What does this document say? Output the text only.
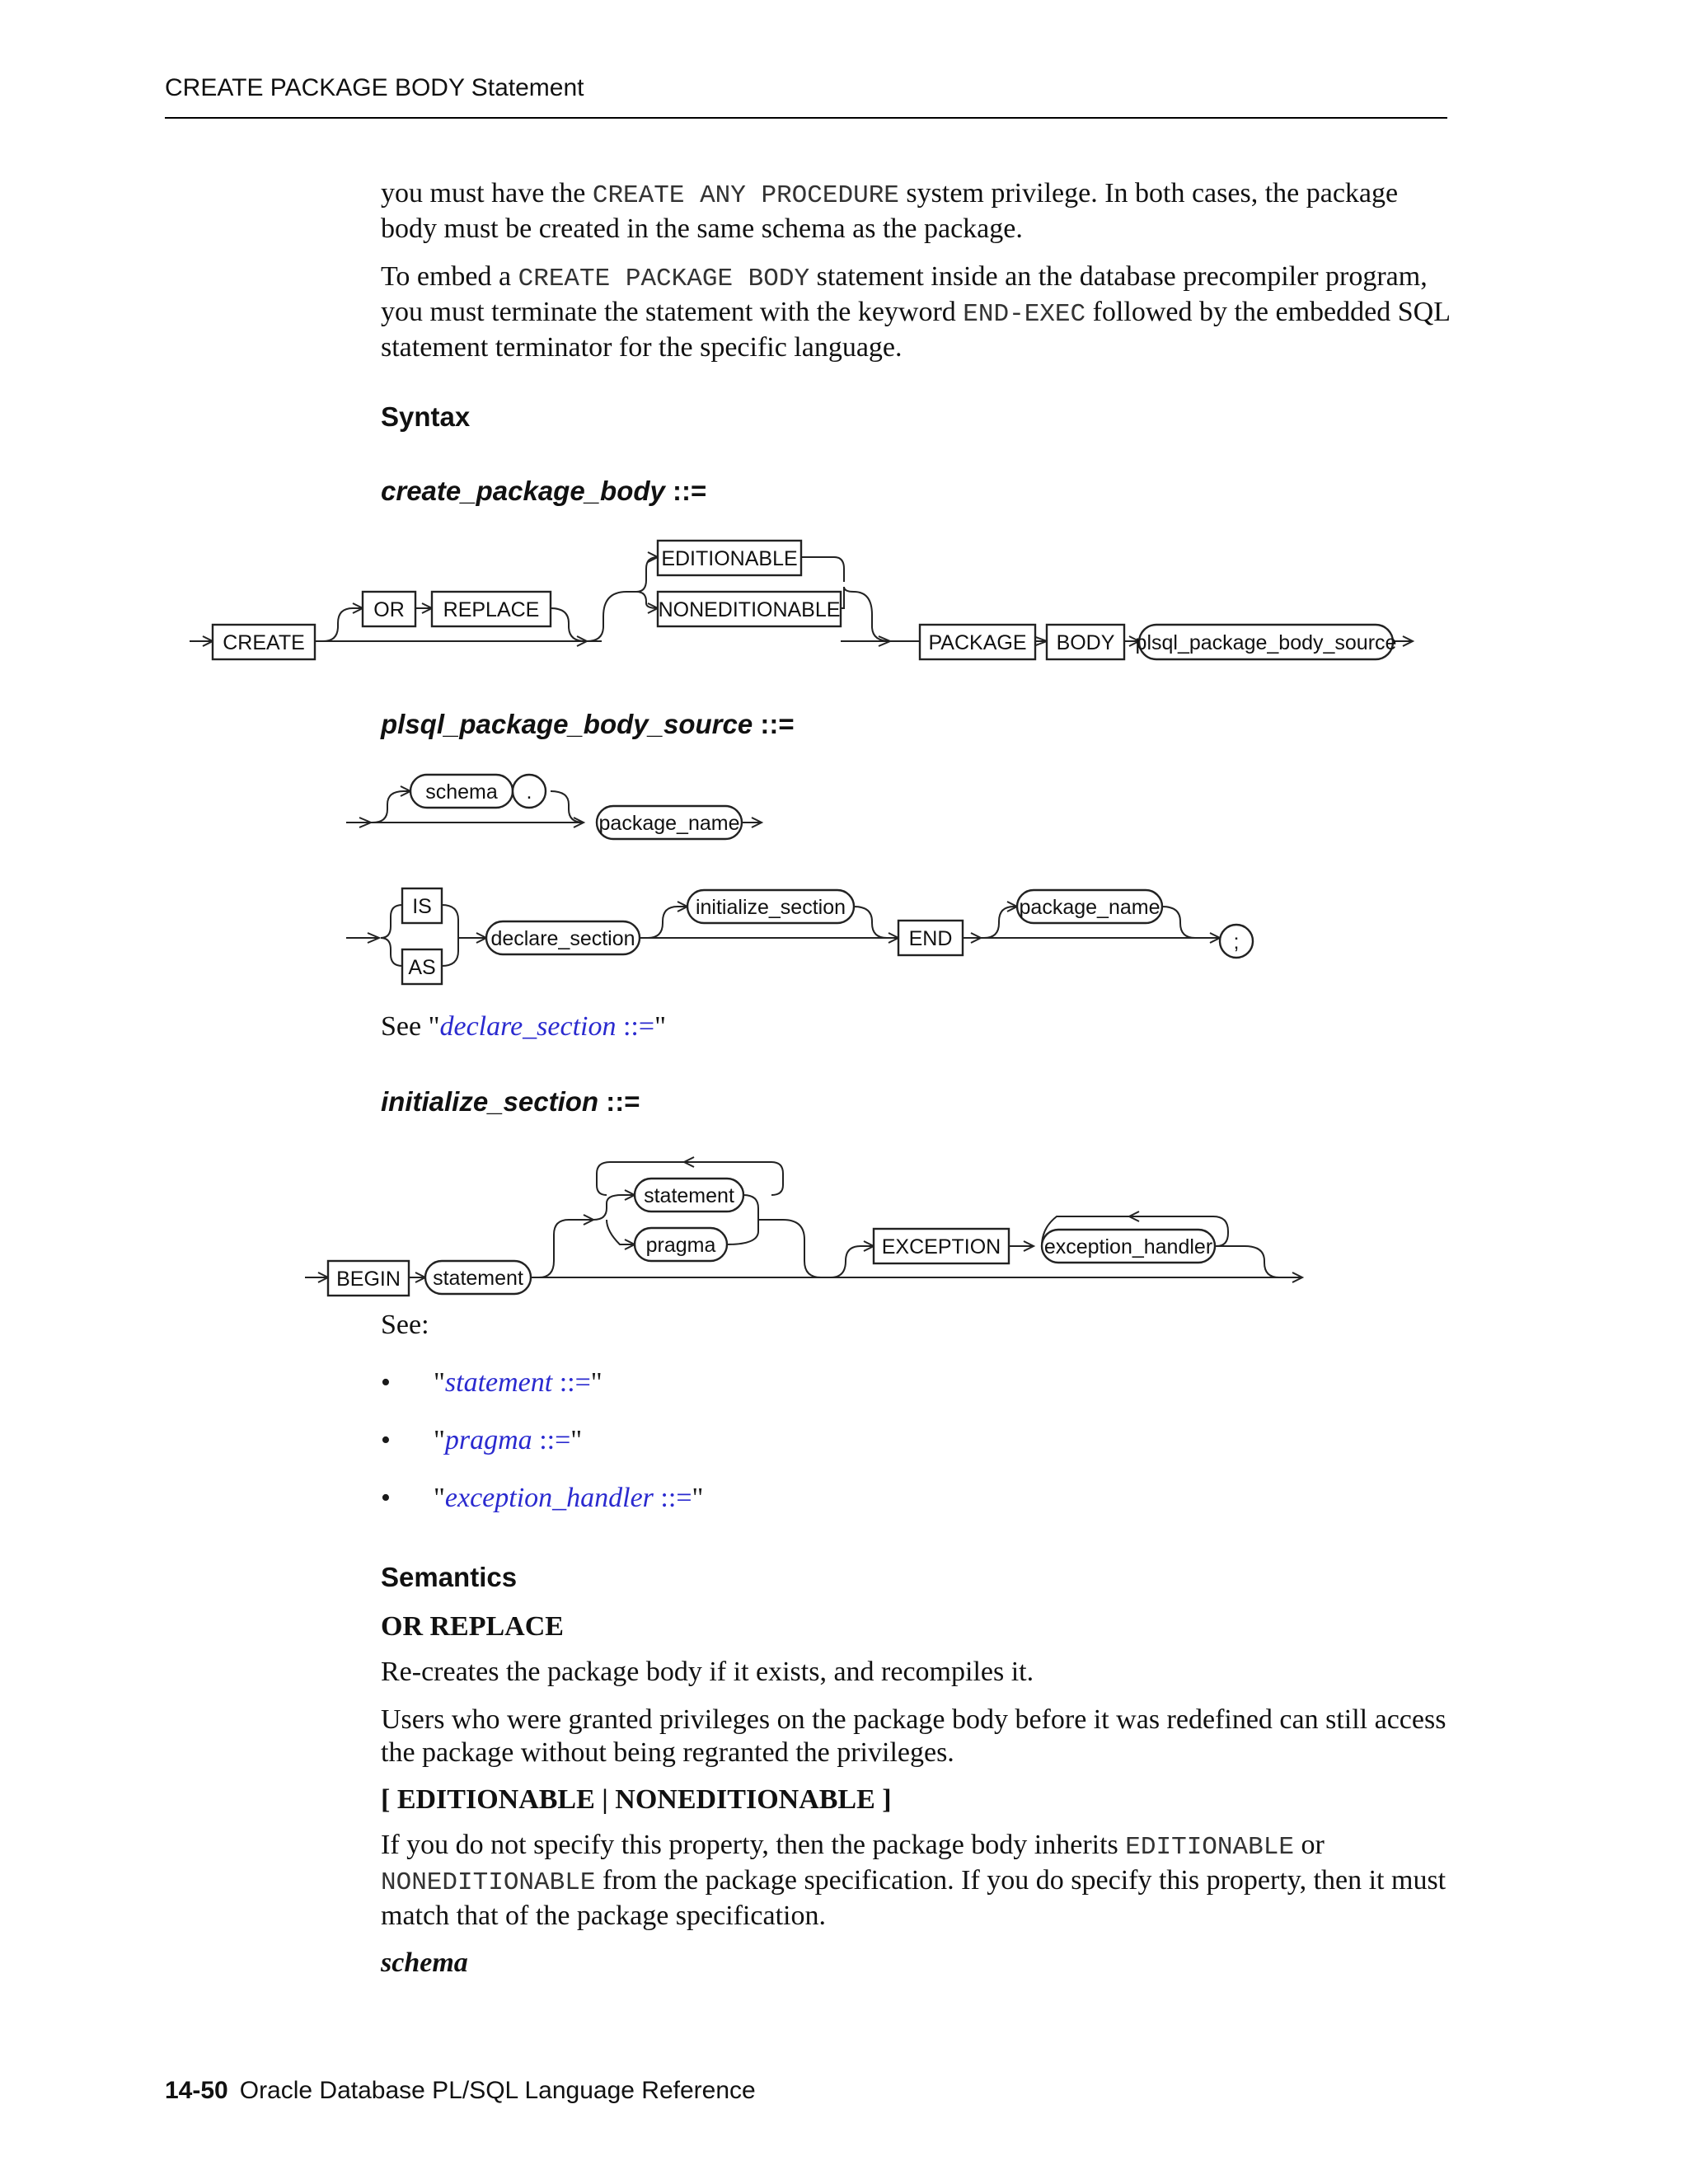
CREATE PACKAGE BODY Statement

you must have the CREATE ANY PROCEDURE system privilege. In both cases, the package body must be created in the same schema as the package.

To embed a CREATE PACKAGE BODY statement inside an the database precompiler program, you must terminate the statement with the keyword END-EXEC followed by the embedded SQL statement terminator for the specific language.

Syntax
create_package_body ::=
CREATE
OR REPLACE
EDITIONABLE
NONEDITIONABLE
PACKAGE BODY plsql_package_body_source
plsql_package_body_source ::=
schema .
package_name
IS
AS
declare_section
initialize_section
END
package_name
;

See "declare_section ::="

initialize_section ::=
BEGIN statement
statement
pragma	EXCEPTION exception_handler

See:

• "statement ::="
• "pragma ::="
• "exception_handler ::="
Semantics
OR REPLACE

Re-creates the package body if it exists, and recompiles it.

Users who were granted privileges on the package body before it was redefined can still access the package without being regranted the privileges.

[ EDITIONABLE | NONEDITIONABLE ]

If you do not specify this property, then the package body inherits EDITIONABLE or NONEDITIONABLE from the package specification. If you do specify this property, then it must match that of the package specification.

schema
14-50 Oracle Database PL/SQL Language Reference
